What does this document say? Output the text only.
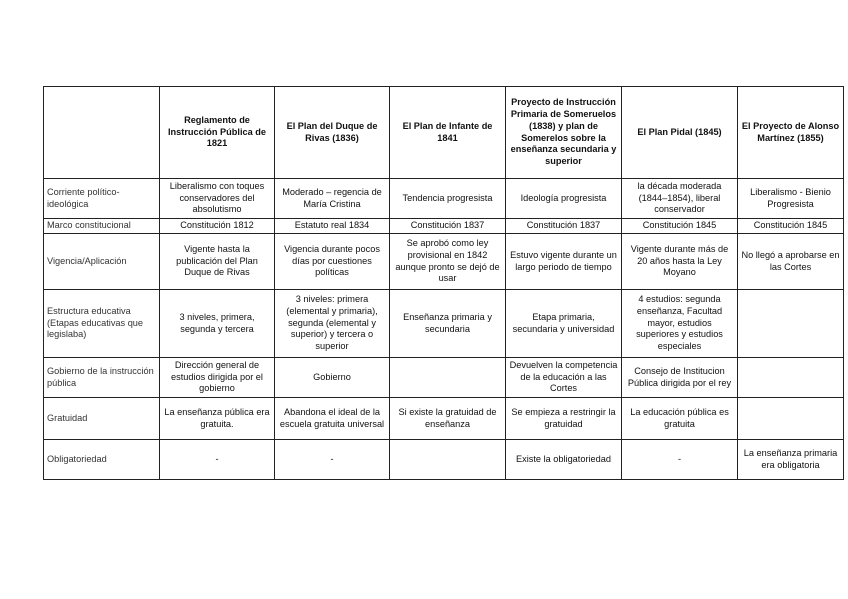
	Reglamento de Instrucción Pública de 1821	El Plan del Duque de Rivas (1836)	El Plan de Infante de 1841	Proyecto de Instrucción Primaria de Someruelos (1838) y plan de Somerelos sobre la enseñanza secundaria y superior	El Plan Pidal (1845)	El Proyecto de Alonso Martínez (1855)
Corriente político-ideológica	Liberalismo con toques conservadores del absolutismo	Moderado – regencia de María Cristina	Tendencia progresista	Ideología progresista	la década moderada (1844–1854), liberal conservador	Liberalismo - Bienio Progresista
Marco constitucional	Constitución 1812	Estatuto real 1834	Constitución 1837	Constitución 1837	Constitución 1845	Constitución 1845
Vigencia/Aplicación	Vigente hasta la publicación del Plan Duque de Rivas	Vigencia durante pocos días por cuestiones políticas	Se aprobó como ley provisional en 1842 aunque pronto se dejó de usar	Estuvo vigente durante un largo periodo de tiempo	Vigente durante más de 20 años hasta la Ley Moyano	No llegó a aprobarse en las Cortes
Estructura educativa (Etapas educativas que legislaba)	3 niveles, primera, segunda y tercera	3 niveles: primera (elemental y primaria), segunda (elemental y superior) y tercera o superior	Enseñanza primaria y secundaria	Etapa primaria, secundaria y universidad	4 estudios: segunda enseñanza, Facultad mayor, estudios superiores y estudios especiales	
Gobierno de la instrucción pública	Dirección general de estudios dirigida por el gobierno	Gobierno		Devuelven la competencia de la educación a las Cortes	Consejo de Institucion Pública dirigida por el rey	
Gratuidad	La enseñanza pública era gratuita.	Abandona el ideal de la escuela gratuita universal	Si existe la gratuidad de enseñanza	Se empieza a restringir la gratuidad	La educación pública es gratuita	
Obligatoriedad	-	-		Existe la obligatoriedad	-	La enseñanza primaria era obligatoria
